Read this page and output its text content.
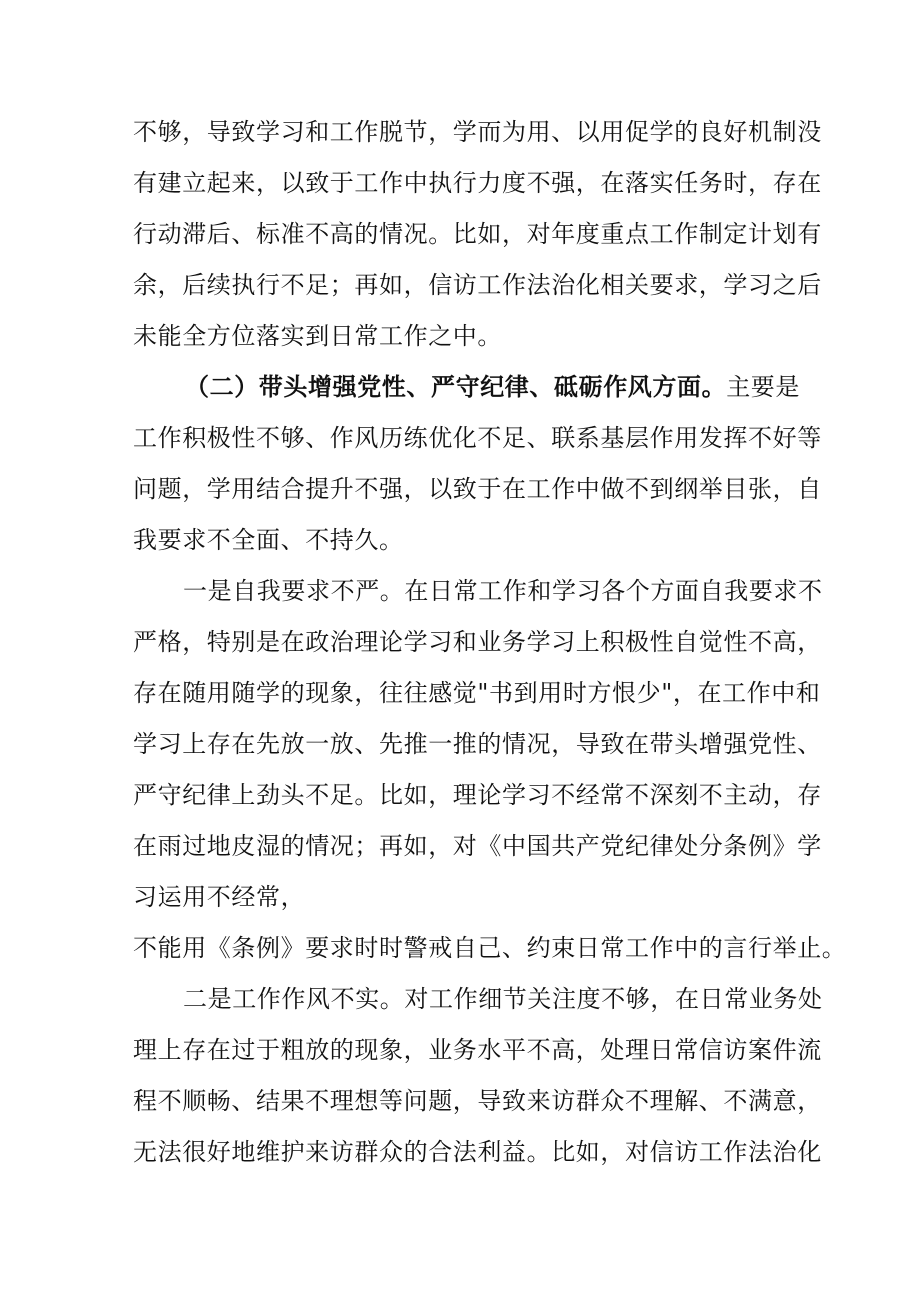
不够，导致学习和工作脱节，学而为用、以用促学的良好机制没
有建立起来，以致于工作中执行力度不强，在落实任务时，存在
行动滞后、标准不高的情况。比如，对年度重点工作制定计划有
余，后续执行不足；再如，信访工作法治化相关要求，学习之后
未能全方位落实到日常工作之中。
（二）带头增强党性、严守纪律、砥砺作风方面。主要是
工作积极性不够、作风历练优化不足、联系基层作用发挥不好等
问题，学用结合提升不强，以致于在工作中做不到纲举目张，自
我要求不全面、不持久。
一是自我要求不严。在日常工作和学习各个方面自我要求不
严格，特别是在政治理论学习和业务学习上积极性自觉性不高，
存在随用随学的现象，往往感觉"书到用时方恨少"，在工作中和
学习上存在先放一放、先推一推的情况，导致在带头增强党性、
严守纪律上劲头不足。比如，理论学习不经常不深刻不主动，存
在雨过地皮湿的情况；再如，对《中国共产党纪律处分条例》学
习运用不经常，
不能用《条例》要求时时警戒自己、约束日常工作中的言行举止。
二是工作作风不实。对工作细节关注度不够，在日常业务处
理上存在过于粗放的现象，业务水平不高，处理日常信访案件流
程不顺畅、结果不理想等问题，导致来访群众不理解、不满意，
无法很好地维护来访群众的合法利益。比如，对信访工作法治化
